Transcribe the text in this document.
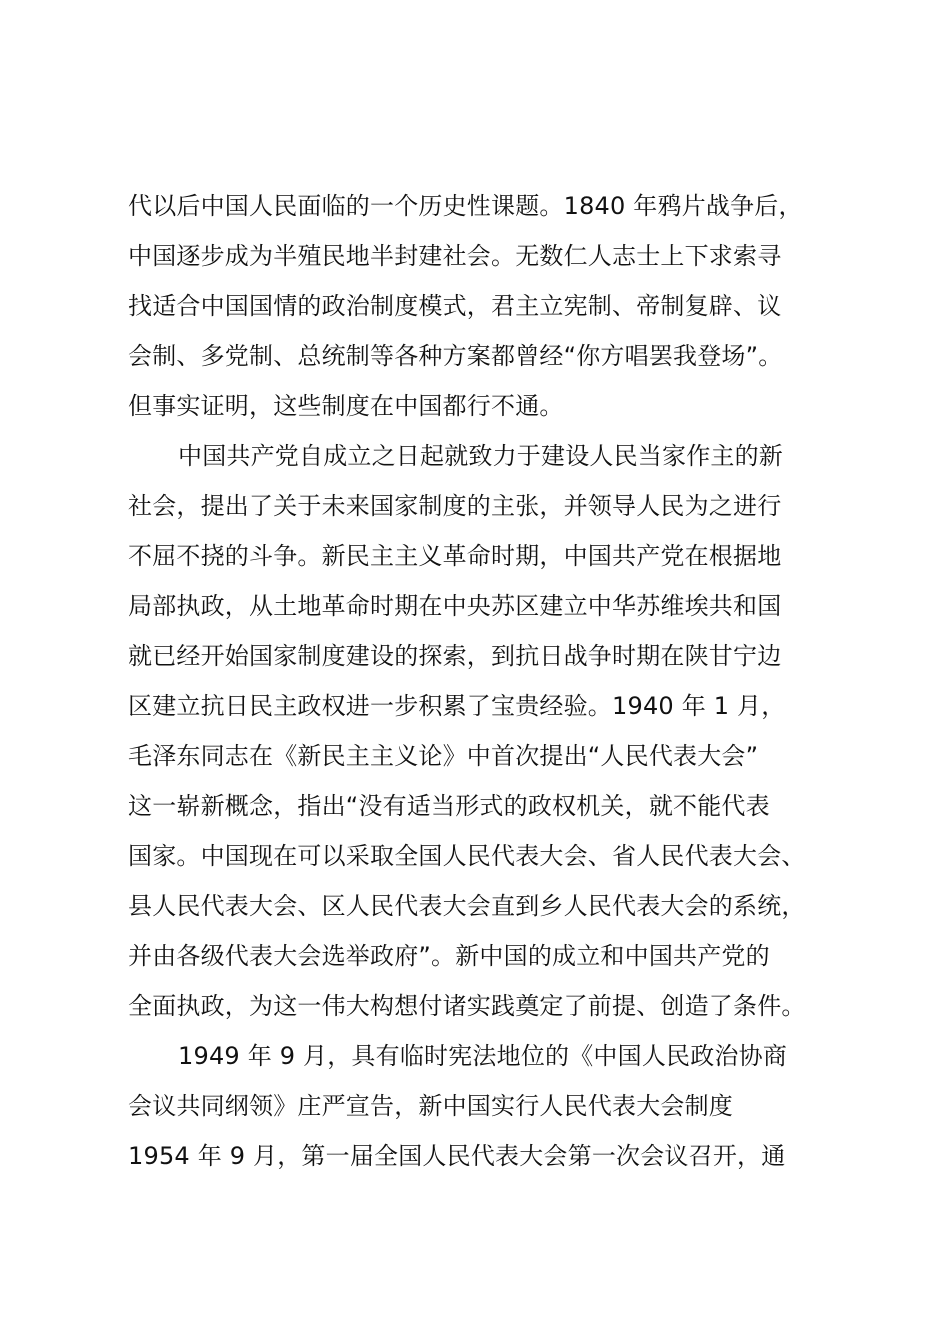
代以后中国人民面临的一个历史性课题。1840 年鸦片战争后，
中国逐步成为半殖民地半封建社会。无数仁人志士上下求索寻
找适合中国国情的政治制度模式，君主立宪制、帝制复辟、议
会制、多党制、总统制等各种方案都曾经“你方唱罢我登场”。
但事实证明，这些制度在中国都行不通。
中国共产党自成立之日起就致力于建设人民当家作主的新
社会，提出了关于未来国家制度的主张，并领导人民为之进行
不屈不挠的斗争。新民主主义革命时期，中国共产党在根据地
局部执政，从土地革命时期在中央苏区建立中华苏维埃共和国
就已经开始国家制度建设的探索，到抗日战争时期在陕甘宁边
区建立抗日民主政权进一步积累了宝贵经验。1940 年 1 月，
毛泽东同志在《新民主主义论》中首次提出“人民代表大会”
这一崭新概念，指出“没有适当形式的政权机关，就不能代表
国家。中国现在可以采取全国人民代表大会、省人民代表大会、
县人民代表大会、区人民代表大会直到乡人民代表大会的系统，
并由各级代表大会选举政府”。新中国的成立和中国共产党的
全面执政，为这一伟大构想付诸实践奠定了前提、创造了条件。
1949 年 9 月，具有临时宪法地位的《中国人民政治协商
会议共同纲领》庄严宣告，新中国实行人民代表大会制度
1954 年 9 月，第一届全国人民代表大会第一次会议召开，通
